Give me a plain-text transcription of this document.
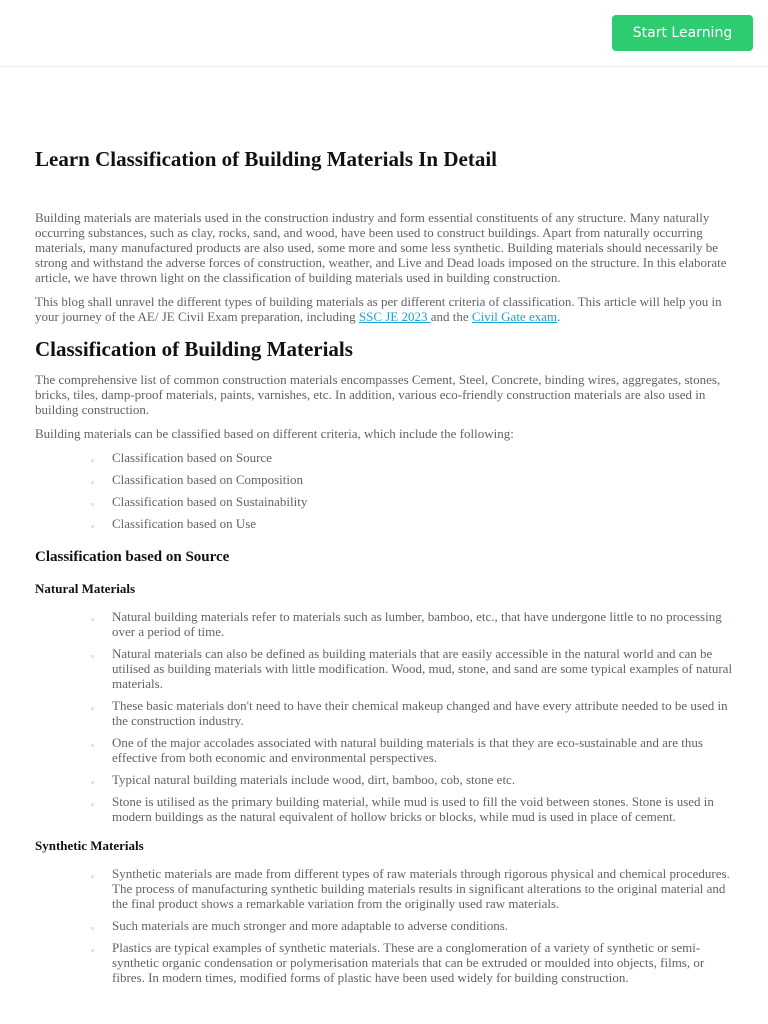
Start Learning
Learn Classification of Building Materials In Detail

Building materials are materials used in the construction industry and form essential constituents of any structure. Many naturally occurring substances, such as clay, rocks, sand, and wood, have been used to construct buildings. Apart from naturally occurring materials, many manufactured products are also used, some more and some less synthetic. Building materials should necessarily be strong and withstand the adverse forces of construction, weather, and Live and Dead loads imposed on the structure. In this elaborate article, we have thrown light on the classification of building materials used in building construction.

This blog shall unravel the different types of building materials as per different criteria of classification. This article will help you in your journey of the AE/ JE Civil Exam preparation, including SSC JE 2023 and the Civil Gate exam.

Classification of Building Materials

The comprehensive list of common construction materials encompasses Cement, Steel, Concrete, binding wires, aggregates, stones, bricks, tiles, damp-proof materials, paints, varnishes, etc. In addition, various eco-friendly construction materials are also used in building construction.

Building materials can be classified based on different criteria, which include the following:

◦ Classification based on Source
◦ Classification based on Composition
◦ Classification based on Sustainability
◦ Classification based on Use
Classification based on Source
Natural Materials
◦ Natural building materials refer to materials such as lumber, bamboo, etc., that have undergone little to no processing over a period of time.
◦ Natural materials can also be defined as building materials that are easily accessible in the natural world and can be utilised as building materials with little modification. Wood, mud, stone, and sand are some typical examples of natural materials.
◦ These basic materials don't need to have their chemical makeup changed and have every attribute needed to be used in the construction industry.
◦ One of the major accolades associated with natural building materials is that they are eco-sustainable and are thus effective from both economic and environmental perspectives.
◦ Typical natural building materials include wood, dirt, bamboo, cob, stone etc.
◦ Stone is utilised as the primary building material, while mud is used to fill the void between stones. Stone is used in modern buildings as the natural equivalent of hollow bricks or blocks, while mud is used in place of cement.
Synthetic Materials
◦ Synthetic materials are made from different types of raw materials through rigorous physical and chemical procedures. The process of manufacturing synthetic building materials results in significant alterations to the original material and the final product shows a remarkable variation from the originally used raw materials.
◦ Such materials are much stronger and more adaptable to adverse conditions.
◦ Plastics are typical examples of synthetic materials. These are a conglomeration of a variety of synthetic or semi-synthetic organic condensation or polymerisation materials that can be extruded or moulded into objects, films, or fibres. In modern times, modified forms of plastic have been used widely for building construction.
